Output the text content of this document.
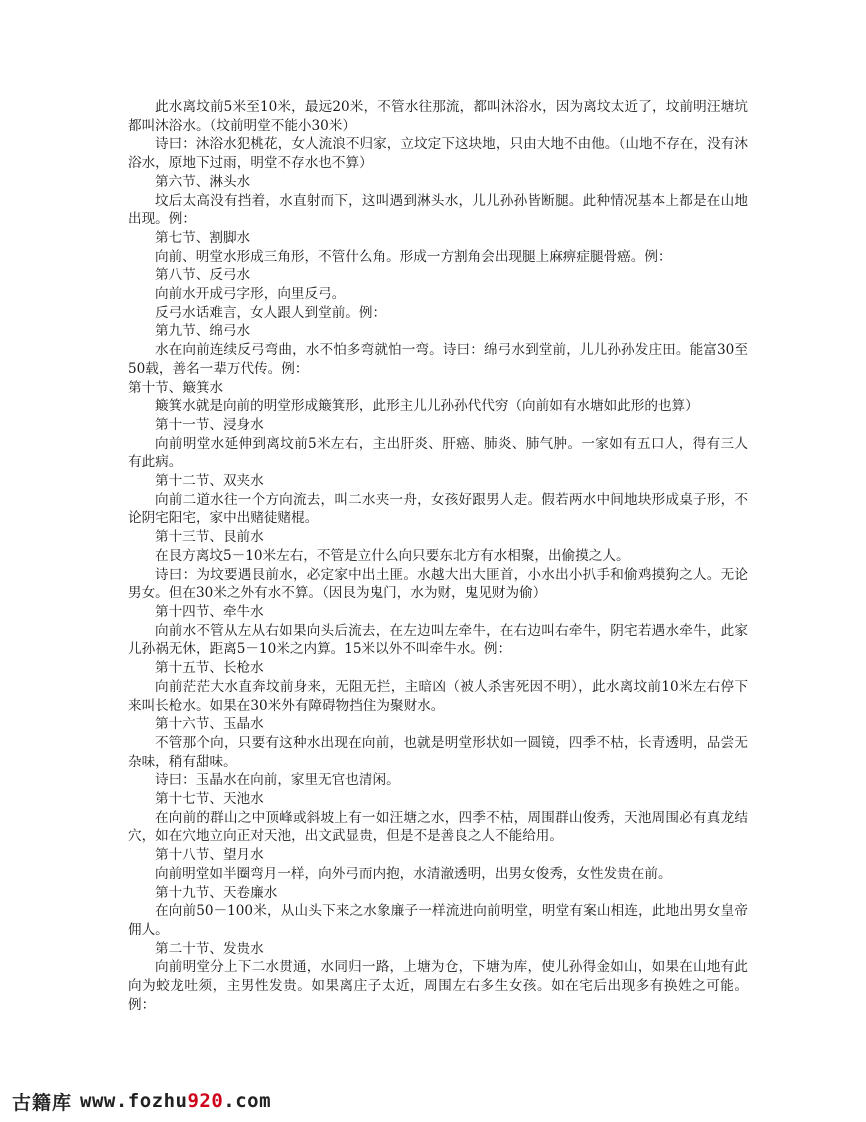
此水离坟前5米至10米，最远20米，不管水往那流，都叫沐浴水，因为离坟太近了，坟前明汪塘坑都叫沐浴水。（坟前明堂不能小30米）

诗曰：沐浴水犯桃花，女人流浪不归家，立坟定下这块地，只由大地不由他。（山地不存在，没有沐浴水，原地下过雨，明堂不存水也不算）

第六节、淋头水

坟后太高没有挡着，水直射而下，这叫遇到淋头水，儿儿孙孙皆断腿。此种情况基本上都是在山地出现。例：

第七节、割脚水

向前、明堂水形成三角形，不管什么角。形成一方割角会出现腿上麻痹症腿骨癌。例：

第八节、反弓水

向前水开成弓字形，向里反弓。

反弓水话难言，女人跟人到堂前。例：

第九节、绵弓水

水在向前连续反弓弯曲，水不怕多弯就怕一弯。诗曰：绵弓水到堂前，儿儿孙孙发庄田。能富30至50载，善名一辈万代传。例：

第十节、簸箕水

簸箕水就是向前的明堂形成簸箕形，此形主儿儿孙孙代代穷（向前如有水塘如此形的也算）

第十一节、浸身水

向前明堂水延伸到离坟前5米左右，主出肝炎、肝癌、肺炎、肺气肿。一家如有五口人，得有三人有此病。

第十二节、双夹水

向前二道水往一个方向流去，叫二水夹一舟，女孩好跟男人走。假若两水中间地块形成桌子形，不论阴宅阳宅，家中出赌徒赌棍。

第十三节、艮前水

在艮方离坟5－10米左右，不管是立什么向只要东北方有水相聚，出偷摸之人。

诗曰：为坟要遇艮前水，必定家中出土匪。水越大出大匪首，小水出小扒手和偷鸡摸狗之人。无论男女。但在30米之外有水不算。（因艮为鬼门，水为财，鬼见财为偷）

第十四节、牵牛水

向前水不管从左从右如果向头后流去，在左边叫左牵牛，在右边叫右牵牛，阴宅若遇水牵牛，此家儿孙祸无休，距离5－10米之内算。15米以外不叫牵牛水。例：

第十五节、长枪水

向前茫茫大水直奔坟前身来，无阻无拦，主暗凶（被人杀害死因不明），此水离坟前10米左右停下来叫长枪水。如果在30米外有障碍物挡住为聚财水。

第十六节、玉晶水

不管那个向，只要有这种水出现在向前，也就是明堂形状如一圆镜，四季不枯，长青透明，品尝无杂味，稍有甜味。

诗曰：玉晶水在向前，家里无官也清闲。

第十七节、天池水

在向前的群山之中顶峰或斜坡上有一如汪塘之水，四季不枯，周围群山俊秀，天池周围必有真龙结穴，如在穴地立向正对天池，出文武显贵，但是不是善良之人不能给用。

第十八节、望月水

向前明堂如半圈弯月一样，向外弓而内抱，水清澈透明，出男女俊秀，女性发贵在前。

第十九节、天卷廉水

在向前50－100米，从山头下来之水象廉子一样流进向前明堂，明堂有案山相连，此地出男女皇帝佣人。

第二十节、发贵水

向前明堂分上下二水贯通，水同归一路，上塘为仓，下塘为库，使儿孙得金如山，如果在山地有此向为蛟龙吐须，主男性发贵。如果离庄子太近，周围左右多生女孩。如在宅后出现多有换姓之可能。例：

古籍库 www.fozhu920.com
